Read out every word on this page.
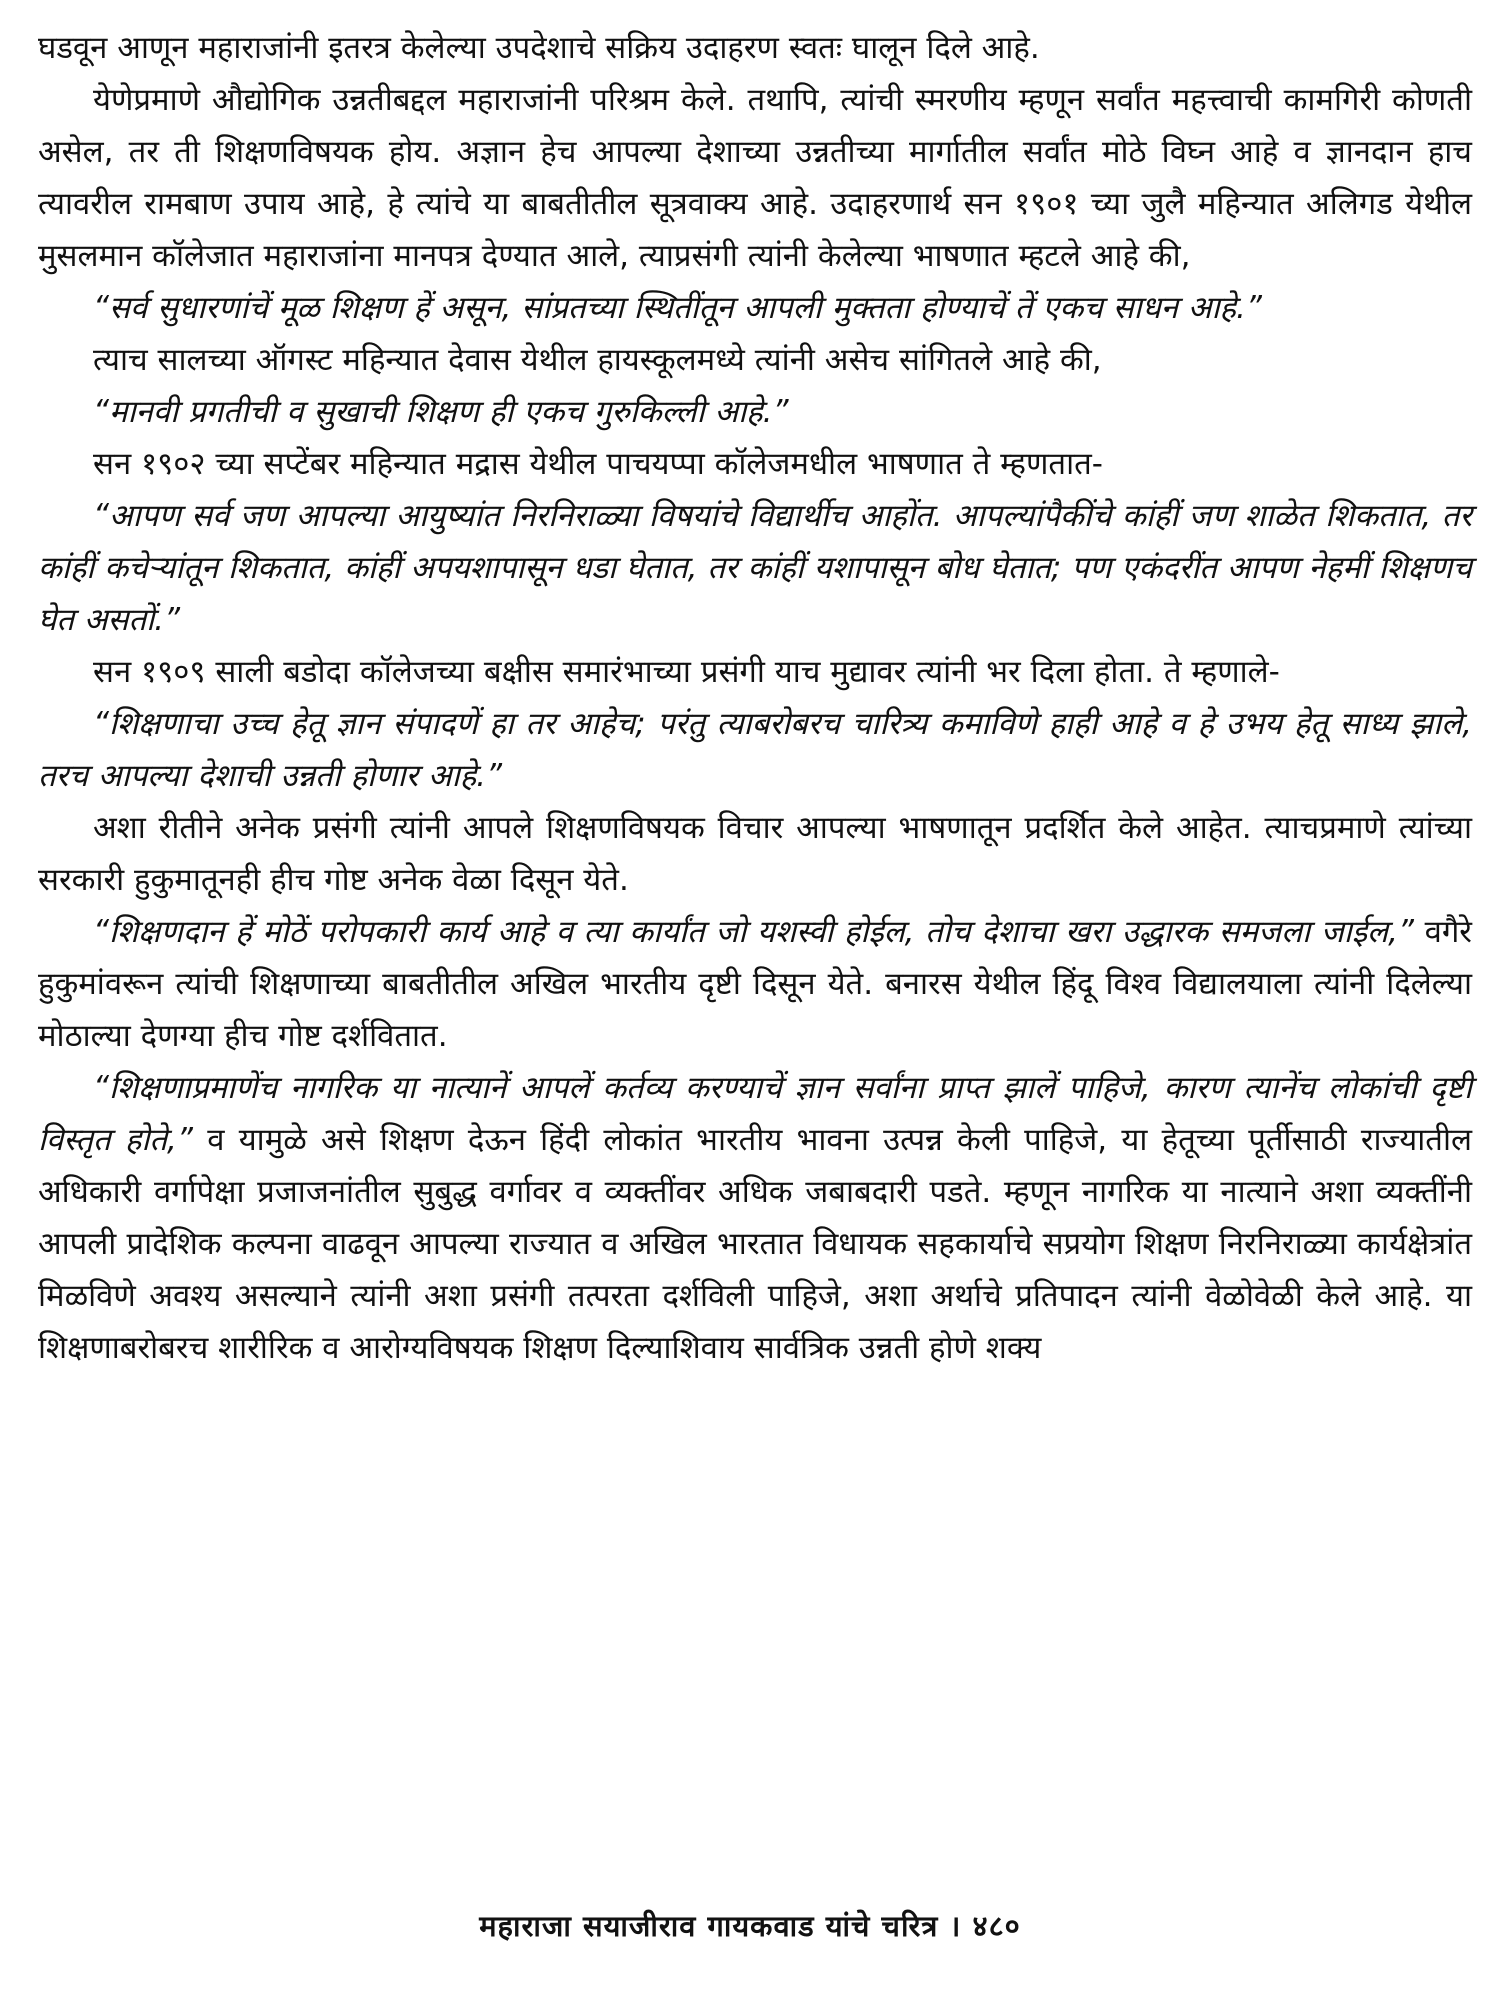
घडवून आणून महाराजांनी इतरत्र केलेल्या उपदेशाचे सक्रिय उदाहरण स्वतः घालून दिले आहे.

येणेप्रमाणे औद्योगिक उन्नतीबद्दल महाराजांनी परिश्रम केले. तथापि, त्यांची स्मरणीय म्हणून सर्वांत महत्त्वाची कामगिरी कोणती असेल, तर ती शिक्षणविषयक होय. अज्ञान हेच आपल्या देशाच्या उन्नतीच्या मार्गातील सर्वांत मोठे विघ्न आहे व ज्ञानदान हाच त्यावरील रामबाण उपाय आहे, हे त्यांचे या बाबतीतील सूत्रवाक्य आहे. उदाहरणार्थ सन १९०१ च्या जुलै महिन्यात अलिगड येथील मुसलमान कॉलेजात महाराजांना मानपत्र देण्यात आले, त्याप्रसंगी त्यांनी केलेल्या भाषणात म्हटले आहे की,

“सर्व सुधारणांचें मूळ शिक्षण हें असून, सांप्रतच्या स्थितींतून आपली मुक्तता होण्याचें तें एकच साधन आहे.”

त्याच सालच्या ऑगस्ट महिन्यात देवास येथील हायस्कूलमध्ये त्यांनी असेच सांगितले आहे की,

“मानवी प्रगतीची व सुखाची शिक्षण ही एकच गुरुकिल्ली आहे.”

सन १९०२ च्या सप्टेंबर महिन्यात मद्रास येथील पाचयप्पा कॉलेजमधील भाषणात ते म्हणतात-

“आपण सर्व जण आपल्या आयुष्यांत निरनिराळ्या विषयांचे विद्यार्थीच आहोंत. आपल्यांपैकींचे कांहीं जण शाळेत शिकतात, तर कांहीं कचेऱ्यांतून शिकतात, कांहीं अपयशापासून धडा घेतात, तर कांहीं यशापासून बोध घेतात; पण एकंदरींत आपण नेहमीं शिक्षणच घेत असतों.”

सन १९०९ साली बडोदा कॉलेजच्या बक्षीस समारंभाच्या प्रसंगी याच मुद्यावर त्यांनी भर दिला होता. ते म्हणाले-

“शिक्षणाचा उच्च हेतू ज्ञान संपादणें हा तर आहेच; परंतु त्याबरोबरच चारित्र्य कमाविणे हाही आहे व हे उभय हेतू साध्य झाले, तरच आपल्या देशाची उन्नती होणार आहे.”

अशा रीतीने अनेक प्रसंगी त्यांनी आपले शिक्षणविषयक विचार आपल्या भाषणातून प्रदर्शित केले आहेत. त्याचप्रमाणे त्यांच्या सरकारी हुकुमातूनही हीच गोष्ट अनेक वेळा दिसून येते.

“शिक्षणदान हें मोठें परोपकारी कार्य आहे व त्या कार्यांत जो यशस्वी होईल, तोच देशाचा खरा उद्धारक समजला जाईल,” वगैरे हुकुमांवरून त्यांची शिक्षणाच्या बाबतीतील अखिल भारतीय दृष्टी दिसून येते. बनारस येथील हिंदू विश्व विद्यालयाला त्यांनी दिलेल्या मोठाल्या देणग्या हीच गोष्ट दर्शवितात.

“शिक्षणाप्रमाणेंच नागरिक या नात्यानें आपलें कर्तव्य करण्याचें ज्ञान सर्वांना प्राप्त झालें पाहिजे, कारण त्यानेंच लोकांची दृष्टी विस्तृत होते,” व यामुळे असे शिक्षण देऊन हिंदी लोकांत भारतीय भावना उत्पन्न केली पाहिजे, या हेतूच्या पूर्तीसाठी राज्यातील अधिकारी वर्गापेक्षा प्रजाजनांतील सुबुद्ध वर्गावर व व्यक्तींवर अधिक जबाबदारी पडते. म्हणून नागरिक या नात्याने अशा व्यक्तींनी आपली प्रादेशिक कल्पना वाढवून आपल्या राज्यात व अखिल भारतात विधायक सहकार्याचे सप्रयोग शिक्षण निरनिराळ्या कार्यक्षेत्रांत मिळविणे अवश्य असल्याने त्यांनी अशा प्रसंगी तत्परता दर्शविली पाहिजे, अशा अर्थाचे प्रतिपादन त्यांनी वेळोवेळी केले आहे. या शिक्षणाबरोबरच शारीरिक व आरोग्यविषयक शिक्षण दिल्याशिवाय सार्वत्रिक उन्नती होणे शक्य

महाराजा सयाजीराव गायकवाड यांचे चरित्र । ४८०
